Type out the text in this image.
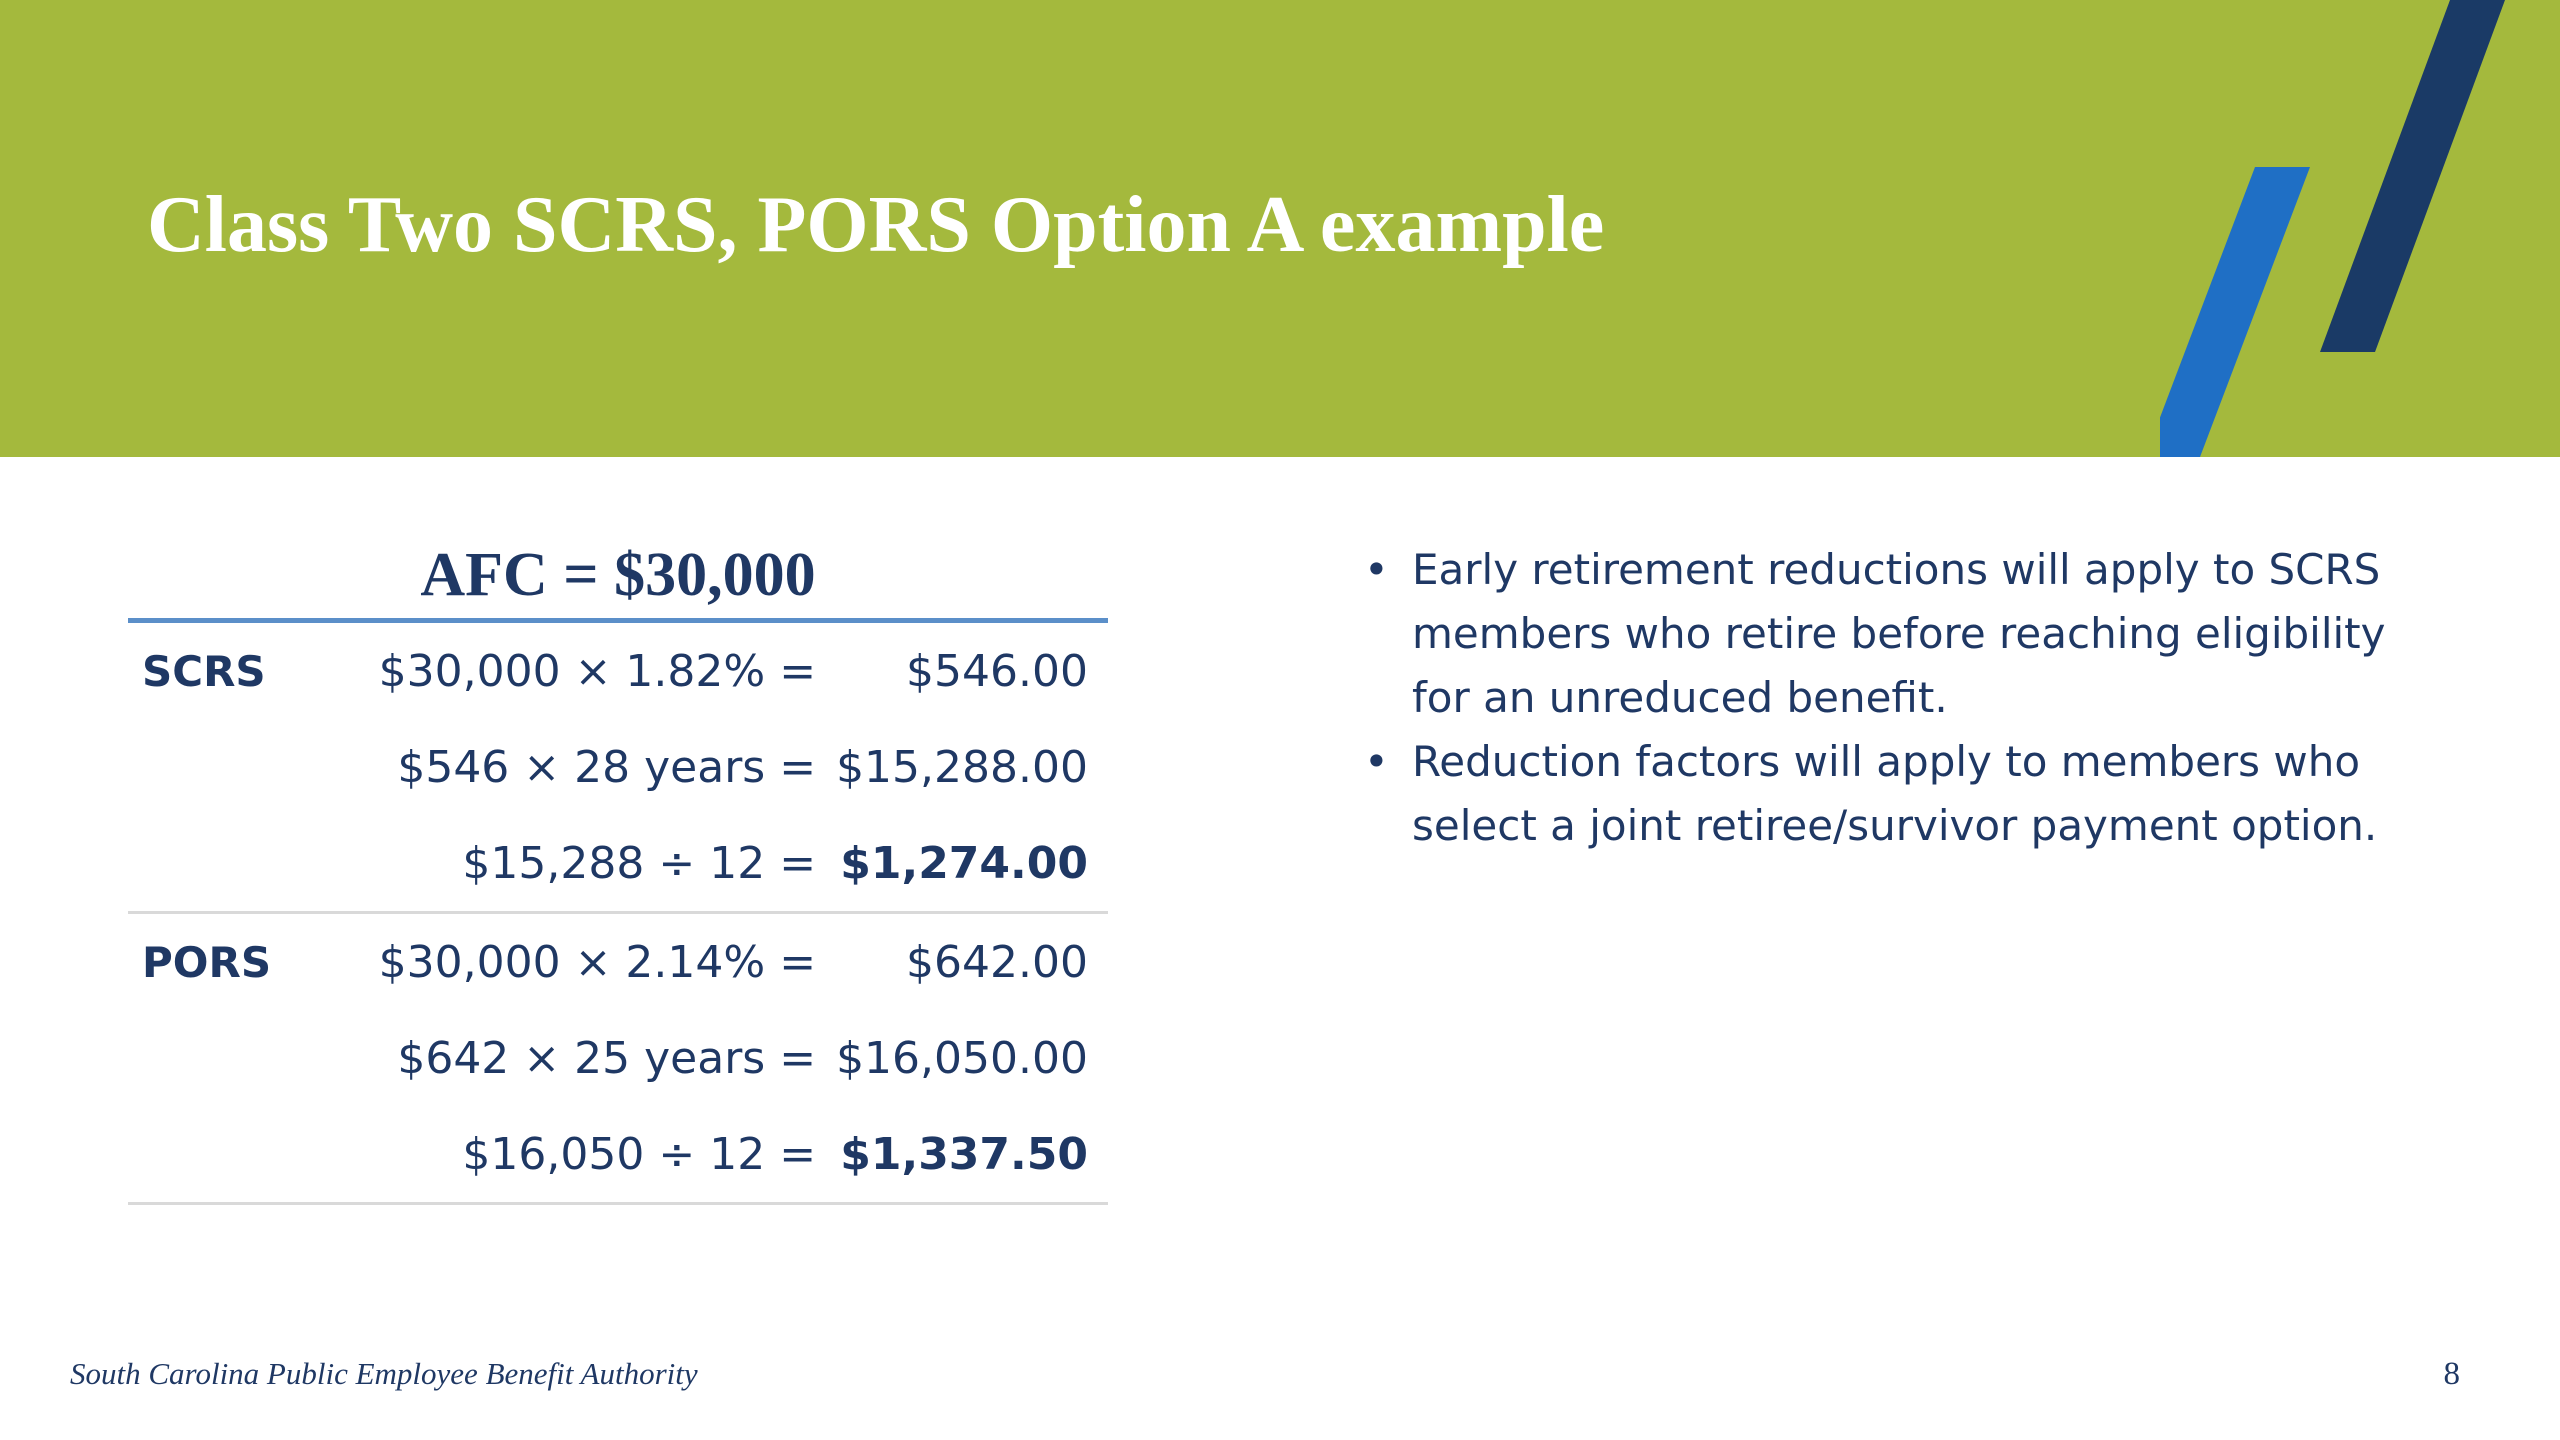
Class Two SCRS, PORS Option A example
AFC = $30,000
SCRS	$30,000 × 1.82% =	$546.00
	$546 × 28 years =	$15,288.00
	$15,288 ÷ 12 =	$1,274.00
PORS	$30,000 × 2.14% =	$642.00
	$642 × 25 years =	$16,050.00
	$16,050 ÷ 12 =	$1,337.50
• Early retirement reductions will apply to SCRS members who retire before reaching eligibility for an unreduced benefit.
• Reduction factors will apply to members who select a joint retiree/survivor payment option.

South Carolina Public Employee Benefit Authority	8
